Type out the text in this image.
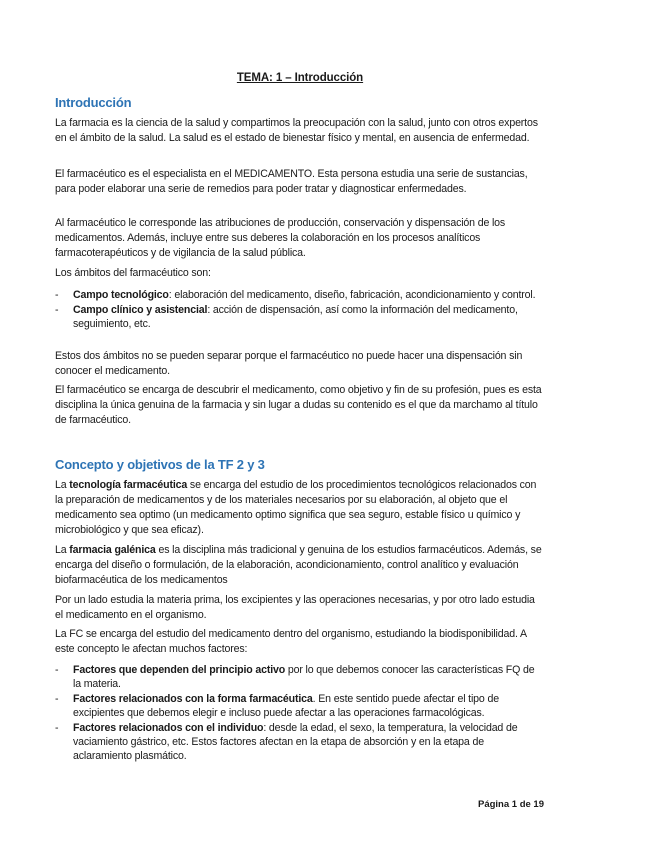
TEMA: 1 – Introducción
Introducción

La farmacia es la ciencia de la salud y compartimos la preocupación con la salud, junto con otros expertos en el ámbito de la salud. La salud es el estado de bienestar físico y mental, en ausencia de enfermedad.

El farmacéutico es el especialista en el MEDICAMENTO. Esta persona estudia una serie de sustancias, para poder elaborar una serie de remedios para poder tratar y diagnosticar enfermedades.

Al farmacéutico le corresponde las atribuciones de producción, conservación y dispensación de los medicamentos. Además, incluye entre sus deberes la colaboración en los procesos analíticos farmacoterapéuticos y de vigilancia de la salud pública.

Los ámbitos del farmacéutico son:

- Campo tecnológico: elaboración del medicamento, diseño, fabricación, acondicionamiento y control.
- Campo clínico y asistencial: acción de dispensación, así como la información del medicamento, seguimiento, etc.

Estos dos ámbitos no se pueden separar porque el farmacéutico no puede hacer una dispensación sin conocer el medicamento.

El farmacéutico se encarga de descubrir el medicamento, como objetivo y fin de su profesión, pues es esta disciplina la única genuina de la farmacia y sin lugar a dudas su contenido es el que da marchamo al título de farmacéutico.

Concepto y objetivos de la TF 2 y 3

La tecnología farmacéutica se encarga del estudio de los procedimientos tecnológicos relacionados con la preparación de medicamentos y de los materiales necesarios por su elaboración, al objeto que el medicamento sea optimo (un medicamento optimo significa que sea seguro, estable físico u químico y microbiológico y que sea eficaz).

La farmacia galénica es la disciplina más tradicional y genuina de los estudios farmacéuticos. Además, se encarga del diseño o formulación, de la elaboración, acondicionamiento, control analítico y evaluación biofarmacéutica de los medicamentos

Por un lado estudia la materia prima, los excipientes y las operaciones necesarias, y por otro lado estudia el medicamento en el organismo.

La FC se encarga del estudio del medicamento dentro del organismo, estudiando la biodisponibilidad. A este concepto le afectan muchos factores:

- Factores que dependen del principio activo por lo que debemos conocer las características FQ de la materia.
- Factores relacionados con la forma farmacéutica. En este sentido puede afectar el tipo de excipientes que debemos elegir e incluso puede afectar a las operaciones farmacológicas.
- Factores relacionados con el individuo: desde la edad, el sexo, la temperatura, la velocidad de vaciamiento gástrico, etc. Estos factores afectan en la etapa de absorción y en la etapa de aclaramiento plasmático.
Página 1 de 19
